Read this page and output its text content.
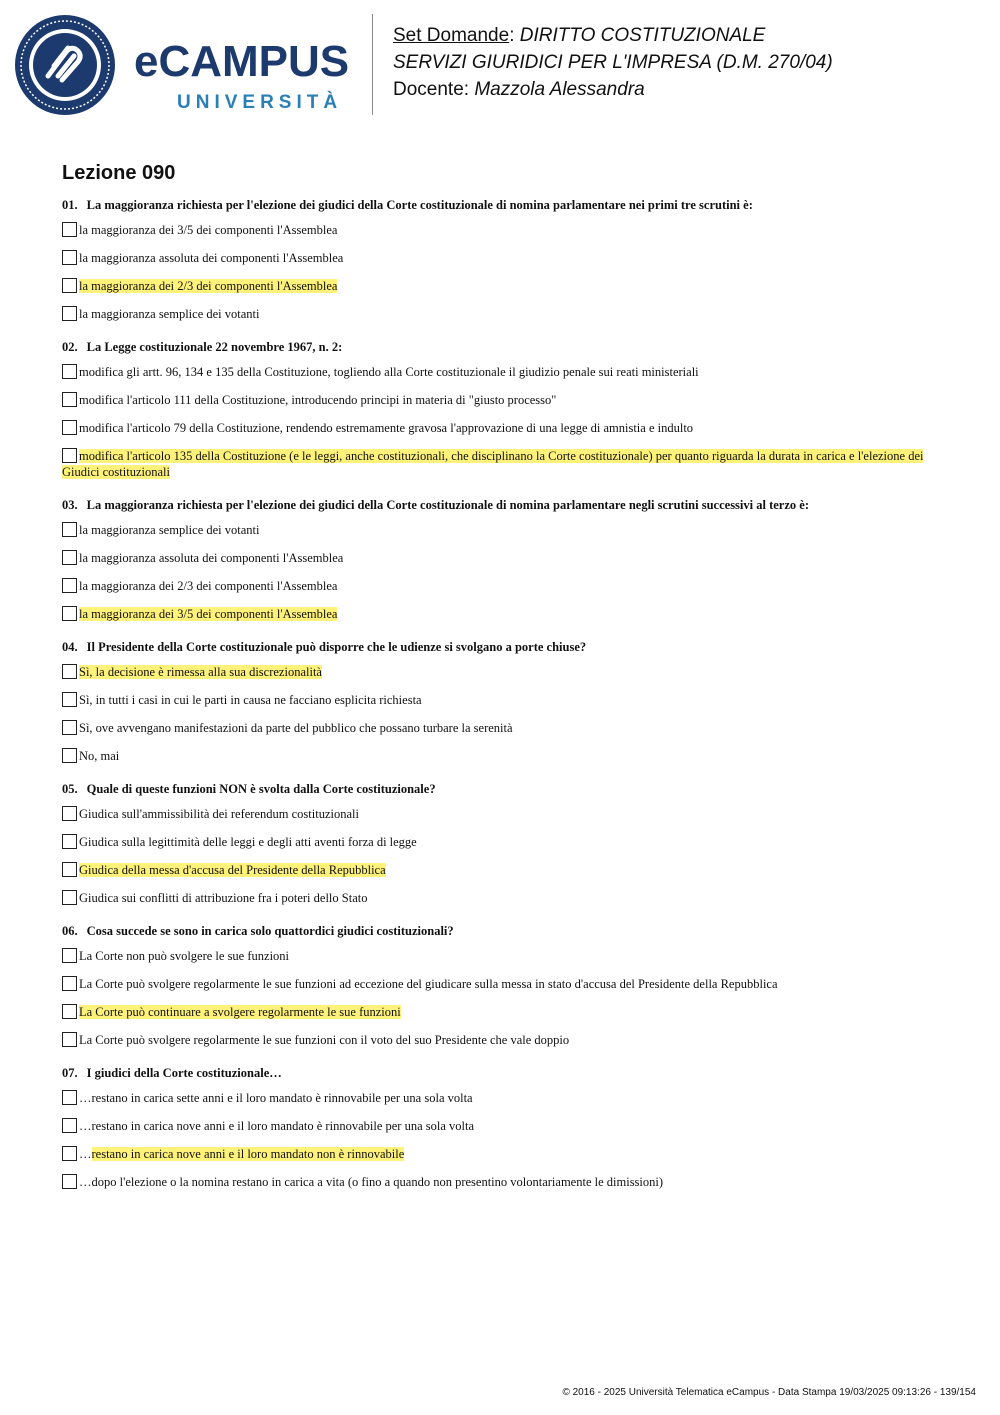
eCAMPUS
UNIVERSITÀ
Set Domande: DIRITTO COSTITUZIONALE
SERVIZI GIURIDICI PER L'IMPRESA (D.M. 270/04)
Docente: Mazzola Alessandra
Lezione 090
01. La maggioranza richiesta per l'elezione dei giudici della Corte costituzionale di nomina parlamentare nei primi tre scrutini è:
la maggioranza dei 3/5 dei componenti l'Assemblea
la maggioranza assoluta dei componenti l'Assemblea
la maggioranza dei 2/3 dei componenti l'Assemblea
la maggioranza semplice dei votanti
02. La Legge costituzionale 22 novembre 1967, n. 2:
modifica gli artt. 96, 134 e 135 della Costituzione, togliendo alla Corte costituzionale il giudizio penale sui reati ministeriali
modifica l'articolo 111 della Costituzione, introducendo principi in materia di "giusto processo"
modifica l'articolo 79 della Costituzione, rendendo estremamente gravosa l'approvazione di una legge di amnistia e indulto
modifica l'articolo 135 della Costituzione (e le leggi, anche costituzionali, che disciplinano la Corte costituzionale) per quanto riguarda la durata in carica e l'elezione dei Giudici costituzionali
03. La maggioranza richiesta per l'elezione dei giudici della Corte costituzionale di nomina parlamentare negli scrutini successivi al terzo è:
la maggioranza semplice dei votanti
la maggioranza assoluta dei componenti l'Assemblea
la maggioranza dei 2/3 dei componenti l'Assemblea
la maggioranza dei 3/5 dei componenti l'Assemblea
04. Il Presidente della Corte costituzionale può disporre che le udienze si svolgano a porte chiuse?
Sì, la decisione è rimessa alla sua discrezionalità
Sì, in tutti i casi in cui le parti in causa ne facciano esplicita richiesta
Sì, ove avvengano manifestazioni da parte del pubblico che possano turbare la serenità
No, mai
05. Quale di queste funzioni NON è svolta dalla Corte costituzionale?
Giudica sull'ammissibilità dei referendum costituzionali
Giudica sulla legittimità delle leggi e degli atti aventi forza di legge
Giudica della messa d'accusa del Presidente della Repubblica
Giudica sui conflitti di attribuzione fra i poteri dello Stato
06. Cosa succede se sono in carica solo quattordici giudici costituzionali?
La Corte non può svolgere le sue funzioni
La Corte può svolgere regolarmente le sue funzioni ad eccezione del giudicare sulla messa in stato d'accusa del Presidente della Repubblica
La Corte può continuare a svolgere regolarmente le sue funzioni
La Corte può svolgere regolarmente le sue funzioni con il voto del suo Presidente che vale doppio
07. I giudici della Corte costituzionale…
…restano in carica sette anni e il loro mandato è rinnovabile per una sola volta
…restano in carica nove anni e il loro mandato è rinnovabile per una sola volta
…restano in carica nove anni e il loro mandato non è rinnovabile
…dopo l'elezione o la nomina restano in carica a vita (o fino a quando non presentino volontariamente le dimissioni)
© 2016 - 2025 Università Telematica eCampus - Data Stampa 19/03/2025 09:13:26 - 139/154
